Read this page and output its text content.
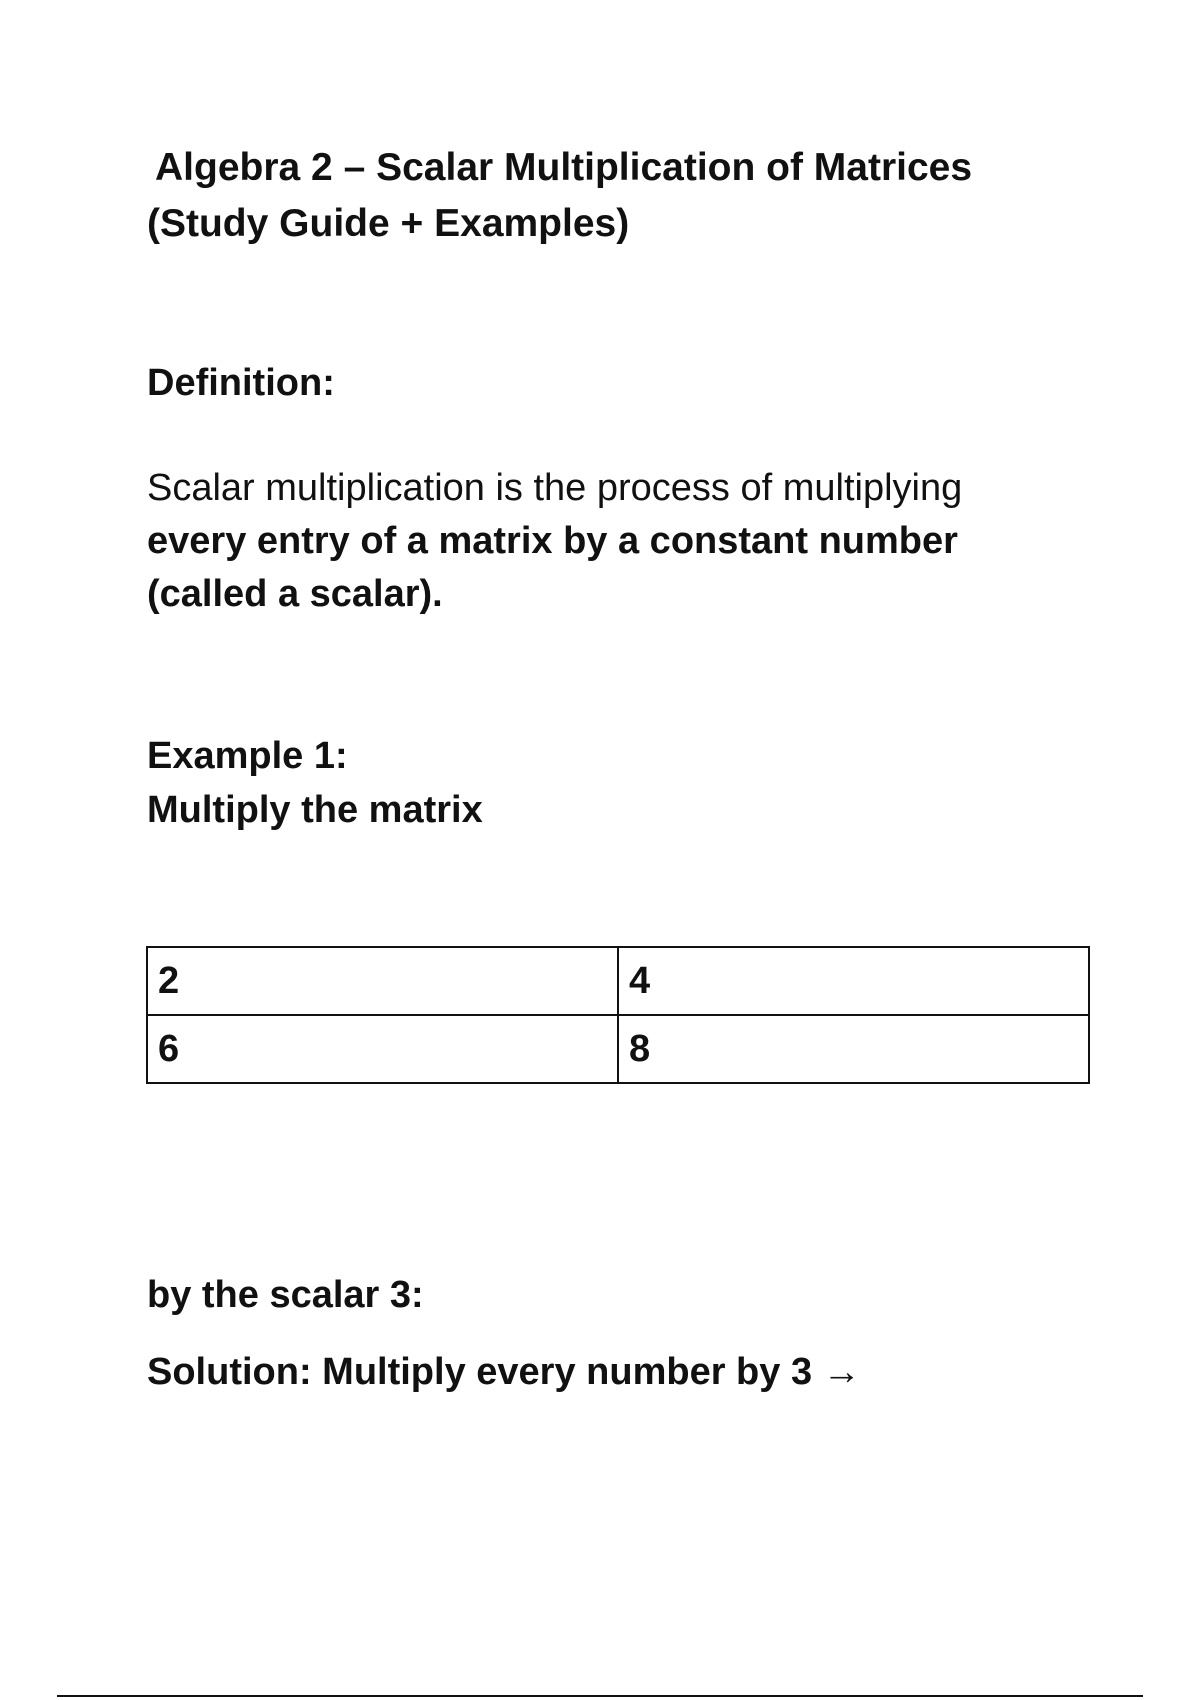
Algebra 2 – Scalar Multiplication of Matrices
(Study Guide + Examples)
Definition:
Scalar multiplication is the process of multiplying
every entry of a matrix by a constant number
(called a scalar).
Example 1:
Multiply the matrix
2	4
6	8
by the scalar 3:
Solution: Multiply every number by 3 →
